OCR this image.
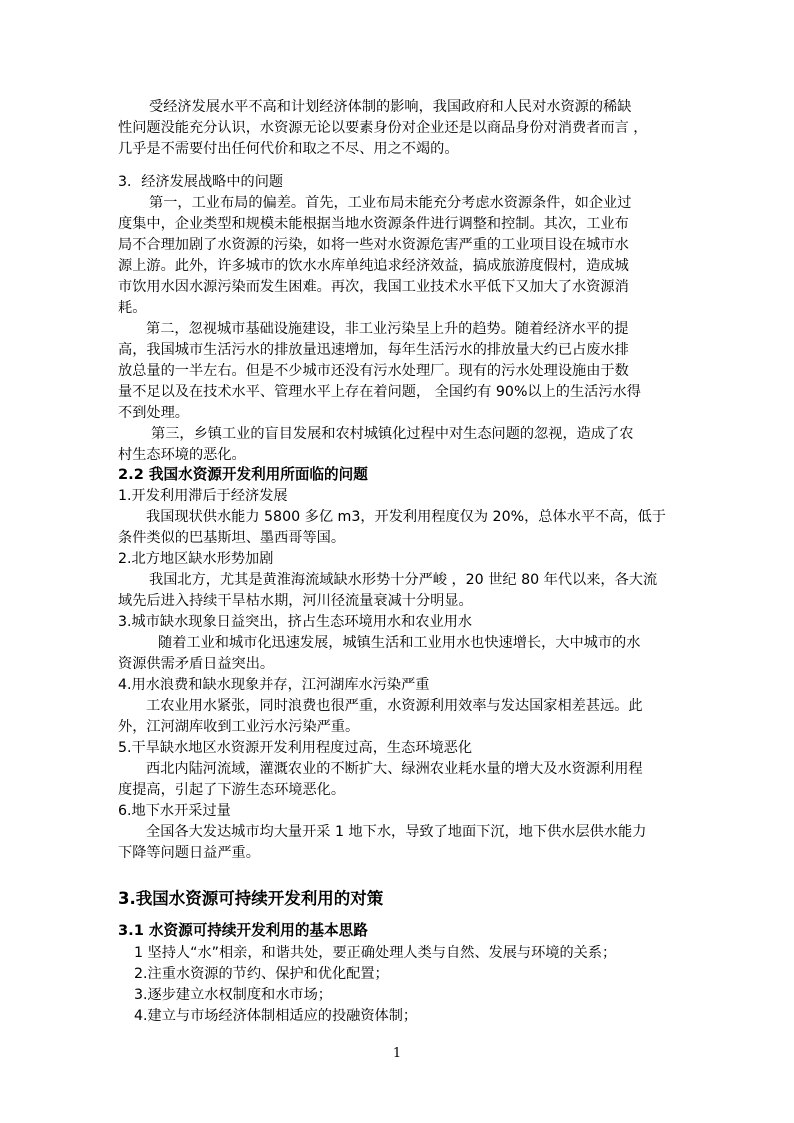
受经济发展水平不高和计划经济体制的影响，我国政府和人民对水资源的稀缺
性问题没能充分认识，水资源无论以要素身份对企业还是以商品身份对消费者而言 ，
几乎是不需要付出任何代价和取之不尽、用之不竭的。
3．经济发展战略中的问题
第一，工业布局的偏差。首先，工业布局未能充分考虑水资源条件，如企业过
度集中，企业类型和规模未能根据当地水资源条件进行调整和控制。其次，工业布
局不合理加剧了水资源的污染，如将一些对水资源危害严重的工业项目设在城市水
源上游。此外，许多城市的饮水水库单纯追求经济效益，搞成旅游度假村，造成城
市饮用水因水源污染而发生困难。再次，我国工业技术水平低下又加大了水资源消
耗。
第二，忽视城市基础设施建设，非工业污染呈上升的趋势。随着经济水平的提
高，我国城市生活污水的排放量迅速增加，每年生活污水的排放量大约已占废水排
放总量的一半左右。但是不少城市还没有污水处理厂。现有的污水处理设施由于数
量不足以及在技术水平、管理水平上存在着问题， 全国约有 90%以上的生活污水得
不到处理。
第三，乡镇工业的盲目发展和农村城镇化过程中对生态问题的忽视，造成了农
村生态环境的恶化。
2.2 我国水资源开发利用所面临的问题
1.开发利用滞后于经济发展
我国现状供水能力 5800 多亿 m3，开发利用程度仅为 20%，总体水平不高，低于
条件类似的巴基斯坦、墨西哥等国。
2.北方地区缺水形势加剧
我国北方，尤其是黄淮海流域缺水形势十分严峻 ，20 世纪 80 年代以来，各大流
域先后进入持续干旱枯水期，河川径流量衰减十分明显。
3.城市缺水现象日益突出，挤占生态环境用水和农业用水
随着工业和城市化迅速发展，城镇生活和工业用水也快速增长，大中城市的水
资源供需矛盾日益突出。
4.用水浪费和缺水现象并存，江河湖库水污染严重
工农业用水紧张，同时浪费也很严重，水资源利用效率与发达国家相差甚远。此
外，江河湖库收到工业污水污染严重。
5.干旱缺水地区水资源开发利用程度过高，生态环境恶化
西北内陆河流域，灌溉农业的不断扩大、绿洲农业耗水量的增大及水资源利用程
度提高，引起了下游生态环境恶化。
6.地下水开采过量
全国各大发达城市均大量开采 1 地下水，导致了地面下沉，地下供水层供水能力
下降等问题日益严重。
3.我国水资源可持续开发利用的对策
3.1 水资源可持续开发利用的基本思路
1 坚持人“水”相亲，和谐共处，要正确处理人类与自然、发展与环境的关系；
2.注重水资源的节约、保护和优化配置；
3.逐步建立水权制度和水市场；
4.建立与市场经济体制相适应的投融资体制；
1
